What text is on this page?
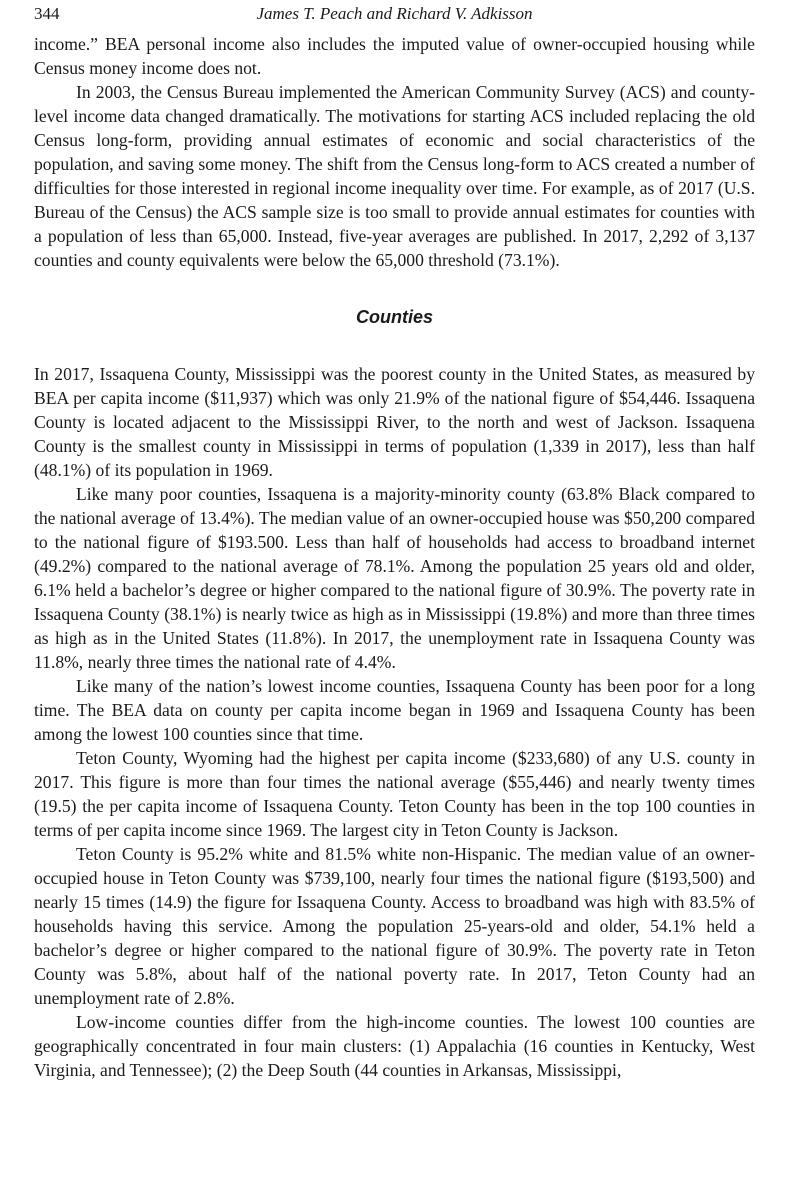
344	James T. Peach and Richard V. Adkisson

income.” BEA personal income also includes the imputed value of owner-occupied housing while Census money income does not.

In 2003, the Census Bureau implemented the American Community Survey (ACS) and county-level income data changed dramatically. The motivations for starting ACS included replacing the old Census long-form, providing annual estimates of economic and social characteristics of the population, and saving some money. The shift from the Census long-form to ACS created a number of difficulties for those interested in regional income inequality over time. For example, as of 2017 (U.S. Bureau of the Census) the ACS sample size is too small to provide annual estimates for counties with a population of less than 65,000. Instead, five-year averages are published. In 2017, 2,292 of 3,137 counties and county equivalents were below the 65,000 threshold (73.1%).

Counties

In 2017, Issaquena County, Mississippi was the poorest county in the United States, as measured by BEA per capita income ($11,937) which was only 21.9% of the national figure of $54,446. Issaquena County is located adjacent to the Mississippi River, to the north and west of Jackson. Issaquena County is the smallest county in Mississippi in terms of population (1,339 in 2017), less than half (48.1%) of its population in 1969.

Like many poor counties, Issaquena is a majority-minority county (63.8% Black compared to the national average of 13.4%). The median value of an owner-occupied house was $50,200 compared to the national figure of $193.500. Less than half of households had access to broadband internet (49.2%) compared to the national average of 78.1%. Among the population 25 years old and older, 6.1% held a bachelor’s degree or higher compared to the national figure of 30.9%. The poverty rate in Issaquena County (38.1%) is nearly twice as high as in Mississippi (19.8%) and more than three times as high as in the United States (11.8%). In 2017, the unemployment rate in Issaquena County was 11.8%, nearly three times the national rate of 4.4%.

Like many of the nation’s lowest income counties, Issaquena County has been poor for a long time. The BEA data on county per capita income began in 1969 and Issaquena County has been among the lowest 100 counties since that time.

Teton County, Wyoming had the highest per capita income ($233,680) of any U.S. county in 2017. This figure is more than four times the national average ($55,446) and nearly twenty times (19.5) the per capita income of Issaquena County. Teton County has been in the top 100 counties in terms of per capita income since 1969. The largest city in Teton County is Jackson.

Teton County is 95.2% white and 81.5% white non-Hispanic. The median value of an owner-occupied house in Teton County was $739,100, nearly four times the national figure ($193,500) and nearly 15 times (14.9) the figure for Issaquena County. Access to broadband was high with 83.5% of households having this service. Among the population 25-years-old and older, 54.1% held a bachelor’s degree or higher compared to the national figure of 30.9%. The poverty rate in Teton County was 5.8%, about half of the national poverty rate. In 2017, Teton County had an unemployment rate of 2.8%.

Low-income counties differ from the high-income counties. The lowest 100 counties are geographically concentrated in four main clusters: (1) Appalachia (16 counties in Kentucky, West Virginia, and Tennessee); (2) the Deep South (44 counties in Arkansas, Mississippi,
